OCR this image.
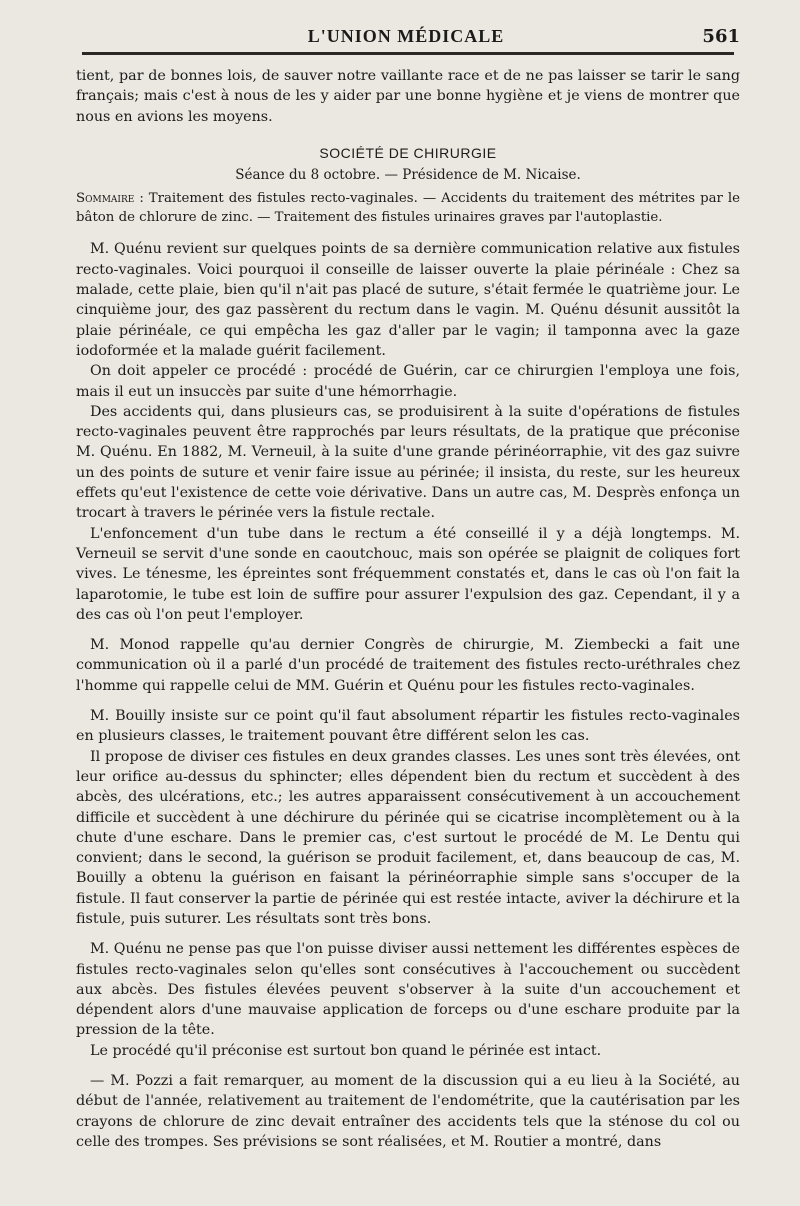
L'UNION MÉDICALE	561

tient, par de bonnes lois, de sauver notre vaillante race et de ne pas laisser se tarir le sang français; mais c'est à nous de les y aider par une bonne hygiène et je viens de montrer que nous en avions les moyens.

SOCIÉTÉ DE CHIRURGIE

Séance du 8 octobre. — Présidence de M. Nicaise.

Sommaire : Traitement des fistules recto-vaginales. — Accidents du traitement des métrites par le bâton de chlorure de zinc. — Traitement des fistules urinaires graves par l'autoplastie.

M. Quénu revient sur quelques points de sa dernière communication relative aux fistules recto-vaginales. Voici pourquoi il conseille de laisser ouverte la plaie périnéale : Chez sa malade, cette plaie, bien qu'il n'ait pas placé de suture, s'était fermée le quatrième jour. Le cinquième jour, des gaz passèrent du rectum dans le vagin. M. Quénu désunit aussitôt la plaie périnéale, ce qui empêcha les gaz d'aller par le vagin; il tamponna avec la gaze iodoformée et la malade guérit facilement.

On doit appeler ce procédé : procédé de Guérin, car ce chirurgien l'employa une fois, mais il eut un insuccès par suite d'une hémorrhagie.

Des accidents qui, dans plusieurs cas, se produisirent à la suite d'opérations de fistules recto-vaginales peuvent être rapprochés par leurs résultats, de la pratique que préconise M. Quénu. En 1882, M. Verneuil, à la suite d'une grande périnéorraphie, vit des gaz suivre un des points de suture et venir faire issue au périnée; il insista, du reste, sur les heureux effets qu'eut l'existence de cette voie dérivative. Dans un autre cas, M. Desprès enfonça un trocart à travers le périnée vers la fistule rectale.

L'enfoncement d'un tube dans le rectum a été conseillé il y a déjà longtemps. M. Verneuil se servit d'une sonde en caoutchouc, mais son opérée se plaignit de coliques fort vives. Le ténesme, les épreintes sont fréquemment constatés et, dans le cas où l'on fait la laparotomie, le tube est loin de suffire pour assurer l'expulsion des gaz. Cependant, il y a des cas où l'on peut l'employer.

M. Monod rappelle qu'au dernier Congrès de chirurgie, M. Ziembecki a fait une communication où il a parlé d'un procédé de traitement des fistules recto-uréthrales chez l'homme qui rappelle celui de MM. Guérin et Quénu pour les fistules recto-vaginales.

M. Bouilly insiste sur ce point qu'il faut absolument répartir les fistules recto-vaginales en plusieurs classes, le traitement pouvant être différent selon les cas.

Il propose de diviser ces fistules en deux grandes classes. Les unes sont très élevées, ont leur orifice au-dessus du sphincter; elles dépendent bien du rectum et succèdent à des abcès, des ulcérations, etc.; les autres apparaissent consécutivement à un accouchement difficile et succèdent à une déchirure du périnée qui se cicatrise incomplètement ou à la chute d'une eschare. Dans le premier cas, c'est surtout le procédé de M. Le Dentu qui convient; dans le second, la guérison se produit facilement, et, dans beaucoup de cas, M. Bouilly a obtenu la guérison en faisant la périnéorraphie simple sans s'occuper de la fistule. Il faut conserver la partie de périnée qui est restée intacte, aviver la déchirure et la fistule, puis suturer. Les résultats sont très bons.

M. Quénu ne pense pas que l'on puisse diviser aussi nettement les différentes espèces de fistules recto-vaginales selon qu'elles sont consécutives à l'accouchement ou succèdent aux abcès. Des fistules élevées peuvent s'observer à la suite d'un accouchement et dépendent alors d'une mauvaise application de forceps ou d'une eschare produite par la pression de la tête.

Le procédé qu'il préconise est surtout bon quand le périnée est intact.

— M. Pozzi a fait remarquer, au moment de la discussion qui a eu lieu à la Société, au début de l'année, relativement au traitement de l'endométrite, que la cautérisation par les crayons de chlorure de zinc devait entraîner des accidents tels que la sténose du col ou celle des trompes. Ses prévisions se sont réalisées, et M. Routier a montré, dans
